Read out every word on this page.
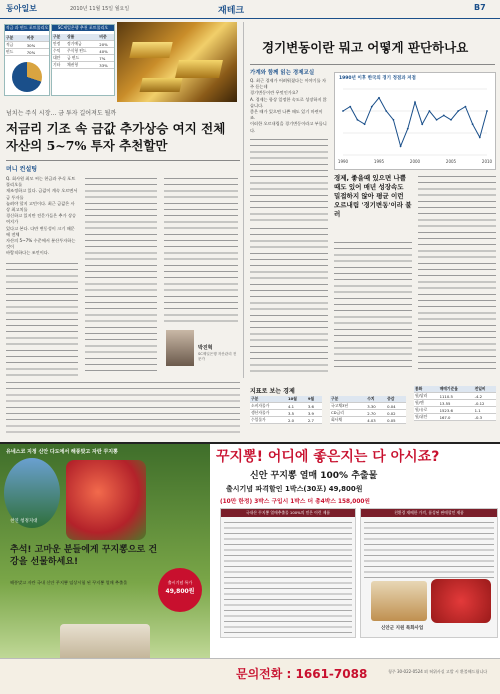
동아일보	2010년 11월 15일 월요일	재테크	B7
적금 과 펀드 포트폴리오
구분	비중
적금	30%
펀드	70%
SC제일은행 추천 포트폴리오
구분	상품	비중
안정	정기예금	20%
수익	주식형 펀드	40%
대안	금 펀드	7%
기타	채권형	33%
넘치는 주식 시장… 금 투자 길어져도 될까
저금리 기조 속 금값 추가상승 여지 전체 자산의 5~7% 투자 추천할만
머니 컨설팅
Q. 회사원 최모 씨는 현금과 주식 포트폴리오를
재조정하고 있다. 금값이 계속 오르면서 금 투자를
늘려야 할지 고민이다. 최근 금값은 사상 최고치를
경신하고 있지만 전문가들은 추가 상승 여지가
있다고 본다. 다만 변동성이 크기 때문에 전체
자산의 5~7% 수준에서 분산투자하는 것이
바람직하다는 조언이다.
박진혁
SC제일은행 자산관리 전문가
경기변동이란 뭐고 어떻게 판단하나요
가계와 함께 읽는 경제교실
Q. 최근 경제가 어려워졌다는 이야기를 자주 듣는데
경기변동이란 무엇인가요?
A. 경제는 항상 일정한 속도로 성장하지 않습니다.
좋은 때가 있으면 나쁜 때도 있기 마련이죠.
이러한 오르내림을 경기변동이라고 부릅니다.
1990년 이후 한국의 경기 정점과 저점
1990	1995	2000	2005	2010
경제, 좋을때 있으면 나쁠때도 있어 매년 성장속도 밀접하지 않아 평균 이런 오르내림 '경기변동'이라 불러
지표로 보는 경제
구분	10월	9월
소비자물가	4.1	3.6
생산자물가	3.5	3.9
수입물가	2.0	2.7
구분	수치	증감
국고채3년	3.30	0.04
CD금리	2.70	0.02
회사채	4.03	0.05
통화	매매기준율	전일비
원/달러	1110.5	-4.2
원/엔	13.55	-0.12
원/유로	1523.6	1.1
원/위안	167.0	-0.3
유네스코 지정 신안 다도에서 해풍맞고 자란 꾸지뽕
천연 청정지대
추석! 고마운 분들에게 꾸지뽕으로 건강을 선물하세요!
해풍맞고 자란 국내 신안 꾸지뽕 임상시험 된 꾸지뽕 열매 추출물	출시기념 특가
49,800원
꾸지뽕! 어디에 좋은지는 다 아시죠?
신안 꾸지뽕 열매 100% 추출물
출시기념 파격할인 1박스(30포) 49,800원
(10만 한정) 3박스 구입시 1박스 더 총4박스 158,000원
국내산 꾸지뽕 열매추출물 100%의 믿은 이런 제품	친환경 재배한 가격, 품성된 판매할인 제품
신안군 지원 특화사업
문의전화 : 1661-7088	청주 30-022-0524 외 허위사실 고발 시 환불해드립니다
